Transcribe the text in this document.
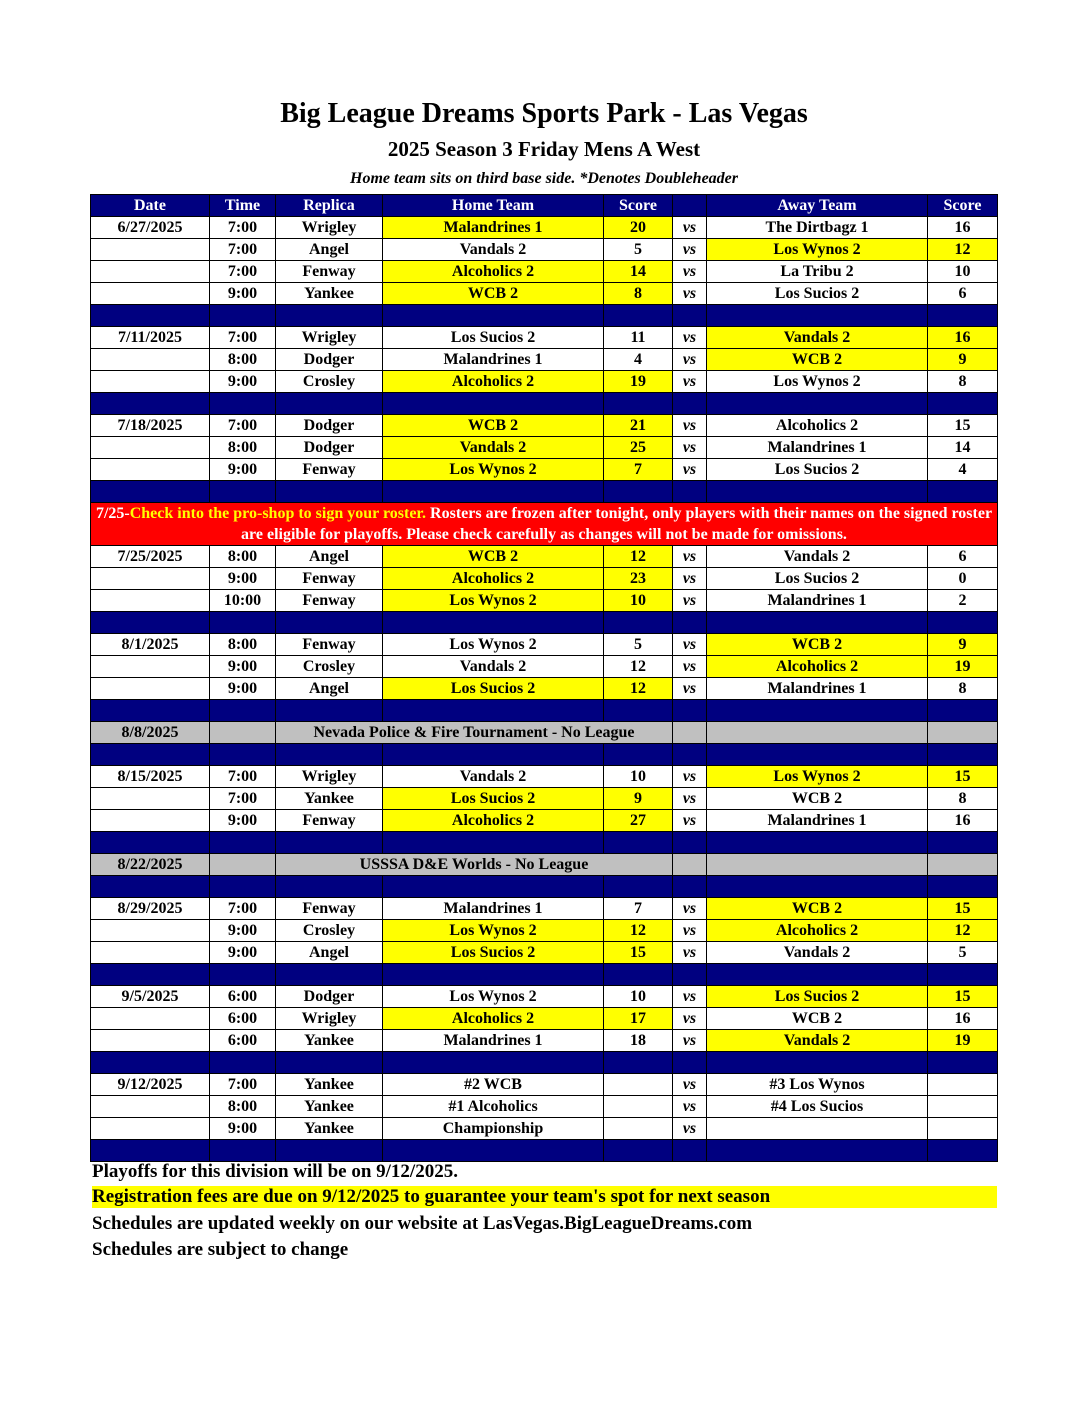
Big League Dreams Sports Park - Las Vegas
2025 Season 3 Friday Mens A West
Home team sits on third base side. *Denotes Doubleheader
Date	Time	Replica	Home Team	Score		Away Team	Score
6/27/2025	7:00	Wrigley	Malandrines 1	20	vs	The Dirtbagz 1	16
	7:00	Angel	Vandals 2	5	vs	Los Wynos 2	12
	7:00	Fenway	Alcoholics 2	14	vs	La Tribu 2	10
	9:00	Yankee	WCB 2	8	vs	Los Sucios 2	6

7/11/2025	7:00	Wrigley	Los Sucios 2	11	vs	Vandals 2	16
	8:00	Dodger	Malandrines 1	4	vs	WCB 2	9
	9:00	Crosley	Alcoholics 2	19	vs	Los Wynos 2	8

7/18/2025	7:00	Dodger	WCB 2	21	vs	Alcoholics 2	15
	8:00	Dodger	Vandals 2	25	vs	Malandrines 1	14
	9:00	Fenway	Los Wynos 2	7	vs	Los Sucios 2	4

7/25-Check into the pro-shop to sign your roster. Rosters are frozen after tonight, only players with their names on the signed roster are eligible for playoffs. Please check carefully as changes will not be made for omissions.							
7/25/2025	8:00	Angel	WCB 2	12	vs	Vandals 2	6
	9:00	Fenway	Alcoholics 2	23	vs	Los Sucios 2	0
	10:00	Fenway	Los Wynos 2	10	vs	Malandrines 1	2

8/1/2025	8:00	Fenway	Los Wynos 2	5	vs	WCB 2	9
	9:00	Crosley	Vandals 2	12	vs	Alcoholics 2	19
	9:00	Angel	Los Sucios 2	12	vs	Malandrines 1	8

8/8/2025		Nevada Police & Fire Tournament - No League					

8/15/2025	7:00	Wrigley	Vandals 2	10	vs	Los Wynos 2	15
	7:00	Yankee	Los Sucios 2	9	vs	WCB 2	8
	9:00	Fenway	Alcoholics 2	27	vs	Malandrines 1	16

8/22/2025		USSSA D&E Worlds - No League					

8/29/2025	7:00	Fenway	Malandrines 1	7	vs	WCB 2	15
	9:00	Crosley	Los Wynos 2	12	vs	Alcoholics 2	12
	9:00	Angel	Los Sucios 2	15	vs	Vandals 2	5

9/5/2025	6:00	Dodger	Los Wynos 2	10	vs	Los Sucios 2	15
	6:00	Wrigley	Alcoholics 2	17	vs	WCB 2	16
	6:00	Yankee	Malandrines 1	18	vs	Vandals 2	19

9/12/2025	7:00	Yankee	#2 WCB		vs	#3 Los Wynos	
	8:00	Yankee	#1 Alcoholics		vs	#4 Los Sucios	
	9:00	Yankee	Championship		vs		

Playoffs for this division will be on 9/12/2025.
Registration fees are due on 9/12/2025 to guarantee your team's spot for next season
Schedules are updated weekly on our website at LasVegas.BigLeagueDreams.com
Schedules are subject to change
